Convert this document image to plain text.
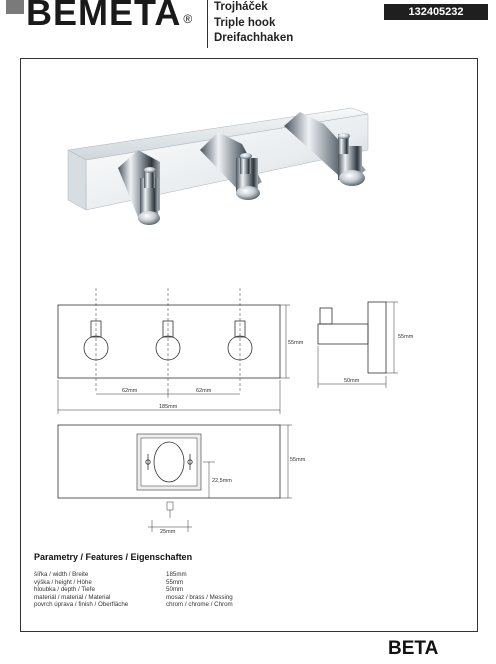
BEMETA ®
Trojháček
Triple hook
Dreifachhaken
132405232
55mm
62mm	62mm
185mm
55mm
50mm
55mm
22,5mm
25mm
Parametry / Features / Eigenschaften
šířka / width / Breite	185mm
výška / height / Höhe	55mm
hloubka / depth / Tiefe	50mm
materiál / material / Material	mosaz / brass / Messing
povrch úprava / finish / Oberfläche	chrom / chrome / Chrom
BETA
